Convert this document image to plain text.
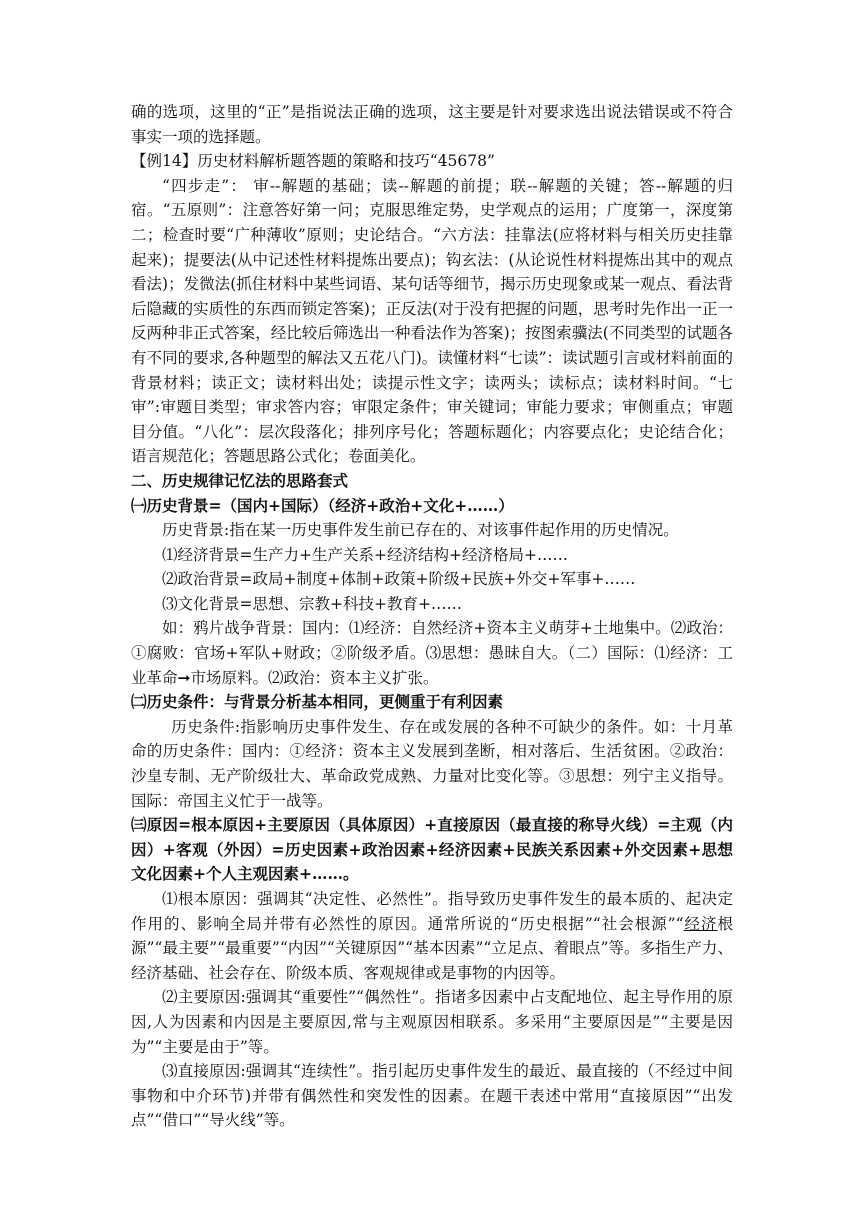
确的选项，这里的“正”是指说法正确的选项，这主要是针对要求选出说法错误或不符合事实一项的选择题。

【例14】历史材料解析题答题的策略和技巧“45678”

“四步走”： 审--解题的基础；读--解题的前提；联--解题的关键；答--解题的归宿。“五原则”：注意答好第一问；克服思维定势，史学观点的运用；广度第一，深度第二；检查时要“广种薄收”原则；史论结合。“六方法：挂靠法(应将材料与相关历史挂靠起来)；提要法(从中记述性材料提炼出要点)；钩玄法：(从论说性材料提炼出其中的观点看法)；发微法(抓住材料中某些词语、某句话等细节，揭示历史现象或某一观点、看法背后隐藏的实质性的东西而锁定答案)；正反法(对于没有把握的问题，思考时先作出一正一反两种非正式答案，经比较后筛选出一种看法作为答案)；按图索骥法(不同类型的试题各有不同的要求,各种题型的解法又五花八门)。读懂材料“七读”：读试题引言或材料前面的背景材料；读正文；读材料出处；读提示性文字；读两头；读标点；读材料时间。“七审”:审题目类型；审求答内容；审限定条件；审关键词；审能力要求；审侧重点；审题目分值。“八化”：层次段落化；排列序号化；答题标题化；内容要点化；史论结合化；语言规范化；答题思路公式化；卷面美化。

二、历史规律记忆法的思路套式

㈠历史背景=（国内+国际）（经济+政治+文化+……）

历史背景:指在某一历史事件发生前已存在的、对该事件起作用的历史情况。

⑴经济背景=生产力+生产关系+经济结构+经济格局+……

⑵政治背景=政局+制度+体制+政策+阶级+民族+外交+军事+……

⑶文化背景=思想、宗教+科技+教育+……

如：鸦片战争背景：国内：⑴经济：自然经济+资本主义萌芽+土地集中。⑵政治：①腐败：官场+军队+财政；②阶级矛盾。⑶思想：愚昧自大。（二）国际：⑴经济：工业革命➞市场原料。⑵政治：资本主义扩张。

㈡历史条件：与背景分析基本相同，更侧重于有利因素

历史条件:指影响历史事件发生、存在或发展的各种不可缺少的条件。如：十月革命的历史条件：国内：①经济：资本主义发展到垄断，相对落后、生活贫困。②政治：沙皇专制、无产阶级壮大、革命政党成熟、力量对比变化等。③思想：列宁主义指导。国际：帝国主义忙于一战等。

㈢原因=根本原因+主要原因（具体原因）+直接原因（最直接的称导火线）=主观（内因）+客观（外因）=历史因素+政治因素+经济因素+民族关系因素+外交因素+思想文化因素+个人主观因素+……。

⑴根本原因：强调其“决定性、必然性”。指导致历史事件发生的最本质的、起决定作用的、影响全局并带有必然性的原因。通常所说的“历史根据”“社会根源”“经济根源”“最主要”“最重要”“内因”“关键原因”“基本因素”“立足点、着眼点”等。多指生产力、经济基础、社会存在、阶级本质、客观规律或是事物的内因等。

⑵主要原因:强调其“重要性”“偶然性”。指诸多因素中占支配地位、起主导作用的原因,人为因素和内因是主要原因,常与主观原因相联系。多采用“主要原因是”“主要是因为”“主要是由于”等。

⑶直接原因:强调其“连续性”。指引起历史事件发生的最近、最直接的（不经过中间事物和中介环节)并带有偶然性和突发性的因素。在题干表述中常用“直接原因”“出发点”“借口”“导火线”等。
